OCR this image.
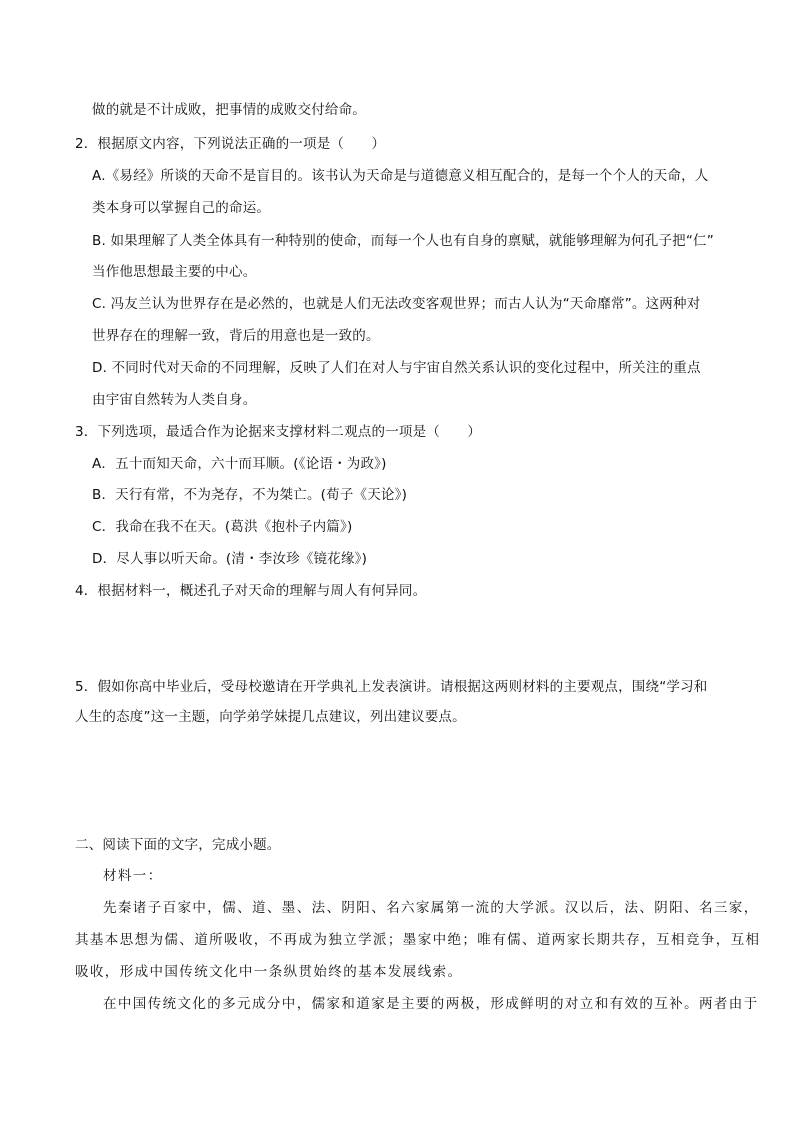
做的就是不计成败，把事情的成败交付给命。
2．根据原文内容，下列说法正确的一项是（　　）
A.《易经》所谈的天命不是盲目的。该书认为天命是与道德意义相互配合的，是每一个个人的天命，人
类本身可以掌握自己的命运。
B. 如果理解了人类全体具有一种特别的使命，而每一个人也有自身的禀赋，就能够理解为何孔子把“仁”
当作他思想最主要的中心。
C. 冯友兰认为世界存在是必然的，也就是人们无法改变客观世界；而古人认为“天命靡常”。这两种对
世界存在的理解一致，背后的用意也是一致的。
D. 不同时代对天命的不同理解，反映了人们在对人与宇宙自然关系认识的变化过程中，所关注的重点
由宇宙自然转为人类自身。
3．下列选项，最适合作为论据来支撑材料二观点的一项是（　　）
A．五十而知天命，六十而耳顺。(《论语・为政》)
B．天行有常，不为尧存，不为桀亡。(荀子《天论》)
C．我命在我不在天。(葛洪《抱朴子内篇》)
D．尽人事以听天命。(清・李汝珍《镜花缘》)
4．根据材料一，概述孔子对天命的理解与周人有何异同。
5．假如你高中毕业后，受母校邀请在开学典礼上发表演讲。请根据这两则材料的主要观点，围绕“学习和
人生的态度”这一主题，向学弟学妹提几点建议，列出建议要点。
二、阅读下面的文字，完成小题。
材料一：
先秦诸子百家中，儒、道、墨、法、阴阳、名六家属第一流的大学派。汉以后，法、阴阳、名三家，
其基本思想为儒、道所吸收，不再成为独立学派；墨家中绝；唯有儒、道两家长期共存，互相竞争，互相
吸收，形成中国传统文化中一条纵贯始终的基本发展线索。
在中国传统文化的多元成分中，儒家和道家是主要的两极，形成鲜明的对立和有效的互补。两者由于
